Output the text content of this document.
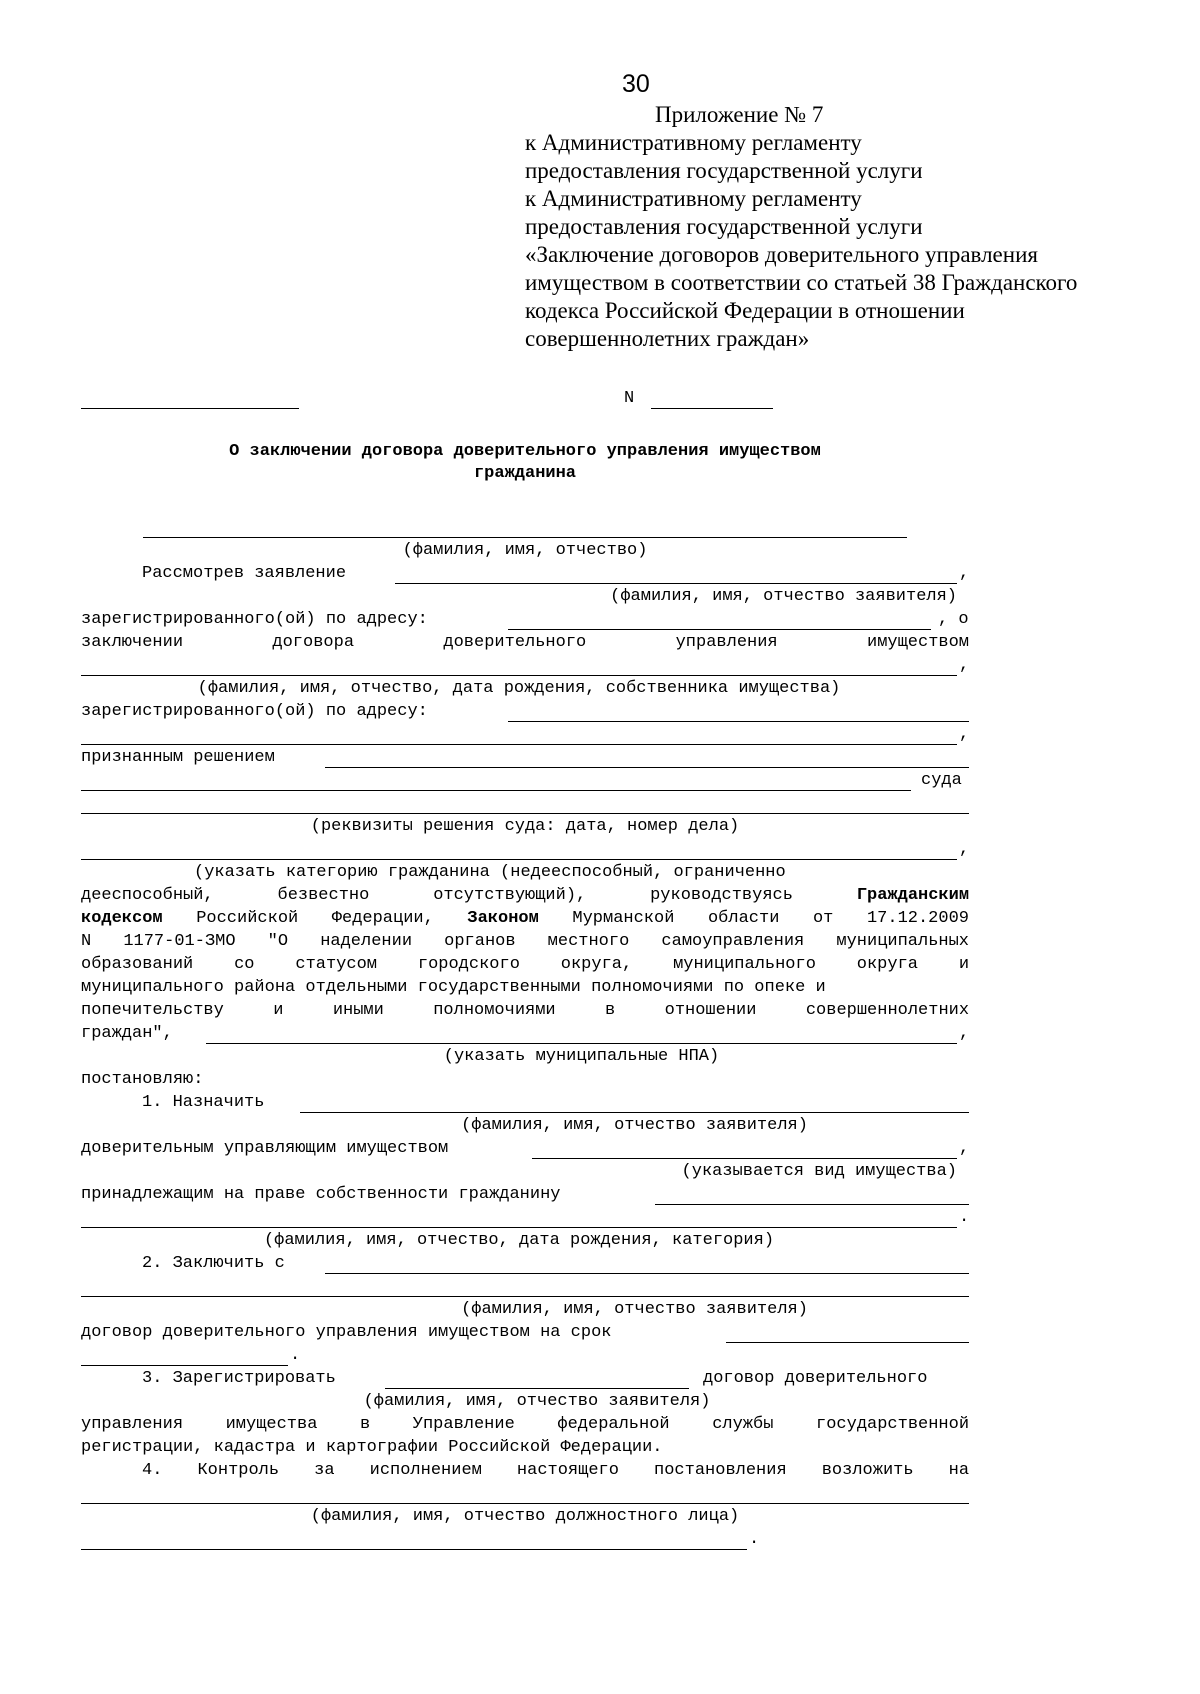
30
Приложение № 7
к Административному регламенту
предоставления государственной услуги
к Административному регламенту
предоставления государственной услуги
«Заключение договоров доверительного управления
имуществом в соответствии со статьей 38 Гражданского
кодекса Российской Федерации в отношении
совершеннолетних граждан»
N
О заключении договора доверительного управления имуществом
гражданина
(фамилия, имя, отчество)
Рассмотрев заявление	,
(фамилия, имя, отчество заявителя)
зарегистрированного(ой) по адресу:	, о
заключении	договора	доверительного	управления имуществом
,
(фамилия, имя, отчество, дата рождения, собственника имущества)
зарегистрированного(ой) по адресу:
,
признанным решением
суда
(реквизиты решения суда: дата, номер дела)
,
(указать категорию гражданина (недееспособный, ограниченно
дееспособный,	безвестно	отсутствующий),	руководствуясь	Гражданским
кодексом Российской Федерации, Законом Мурманской области от 17.12.2009
N 1177-01-ЗМО "О наделении органов местного самоуправления муниципальных
образований со статусом городского округа, муниципального округа и
муниципального района отдельными государственными полномочиями по опеке и
попечительству	и	иными	полномочиями	в	отношении	совершеннолетних
граждан",	,
(указать муниципальные НПА)
постановляю:
1. Назначить
(фамилия, имя, отчество заявителя)
доверительным управляющим имуществом	,
(указывается вид имущества)
принадлежащим на праве собственности гражданину
.
(фамилия, имя, отчество, дата рождения, категория)
2. Заключить с
(фамилия, имя, отчество заявителя)
договор доверительного управления имуществом на срок
.
3. Зарегистрировать	договор доверительного
(фамилия, имя, отчество заявителя)
управления имущества в Управление	федеральной	службы	государственной
регистрации, кадастра и картографии Российской Федерации.
4. Контроль за исполнением настоящего постановления возложить на
(фамилия, имя, отчество должностного лица)
.
